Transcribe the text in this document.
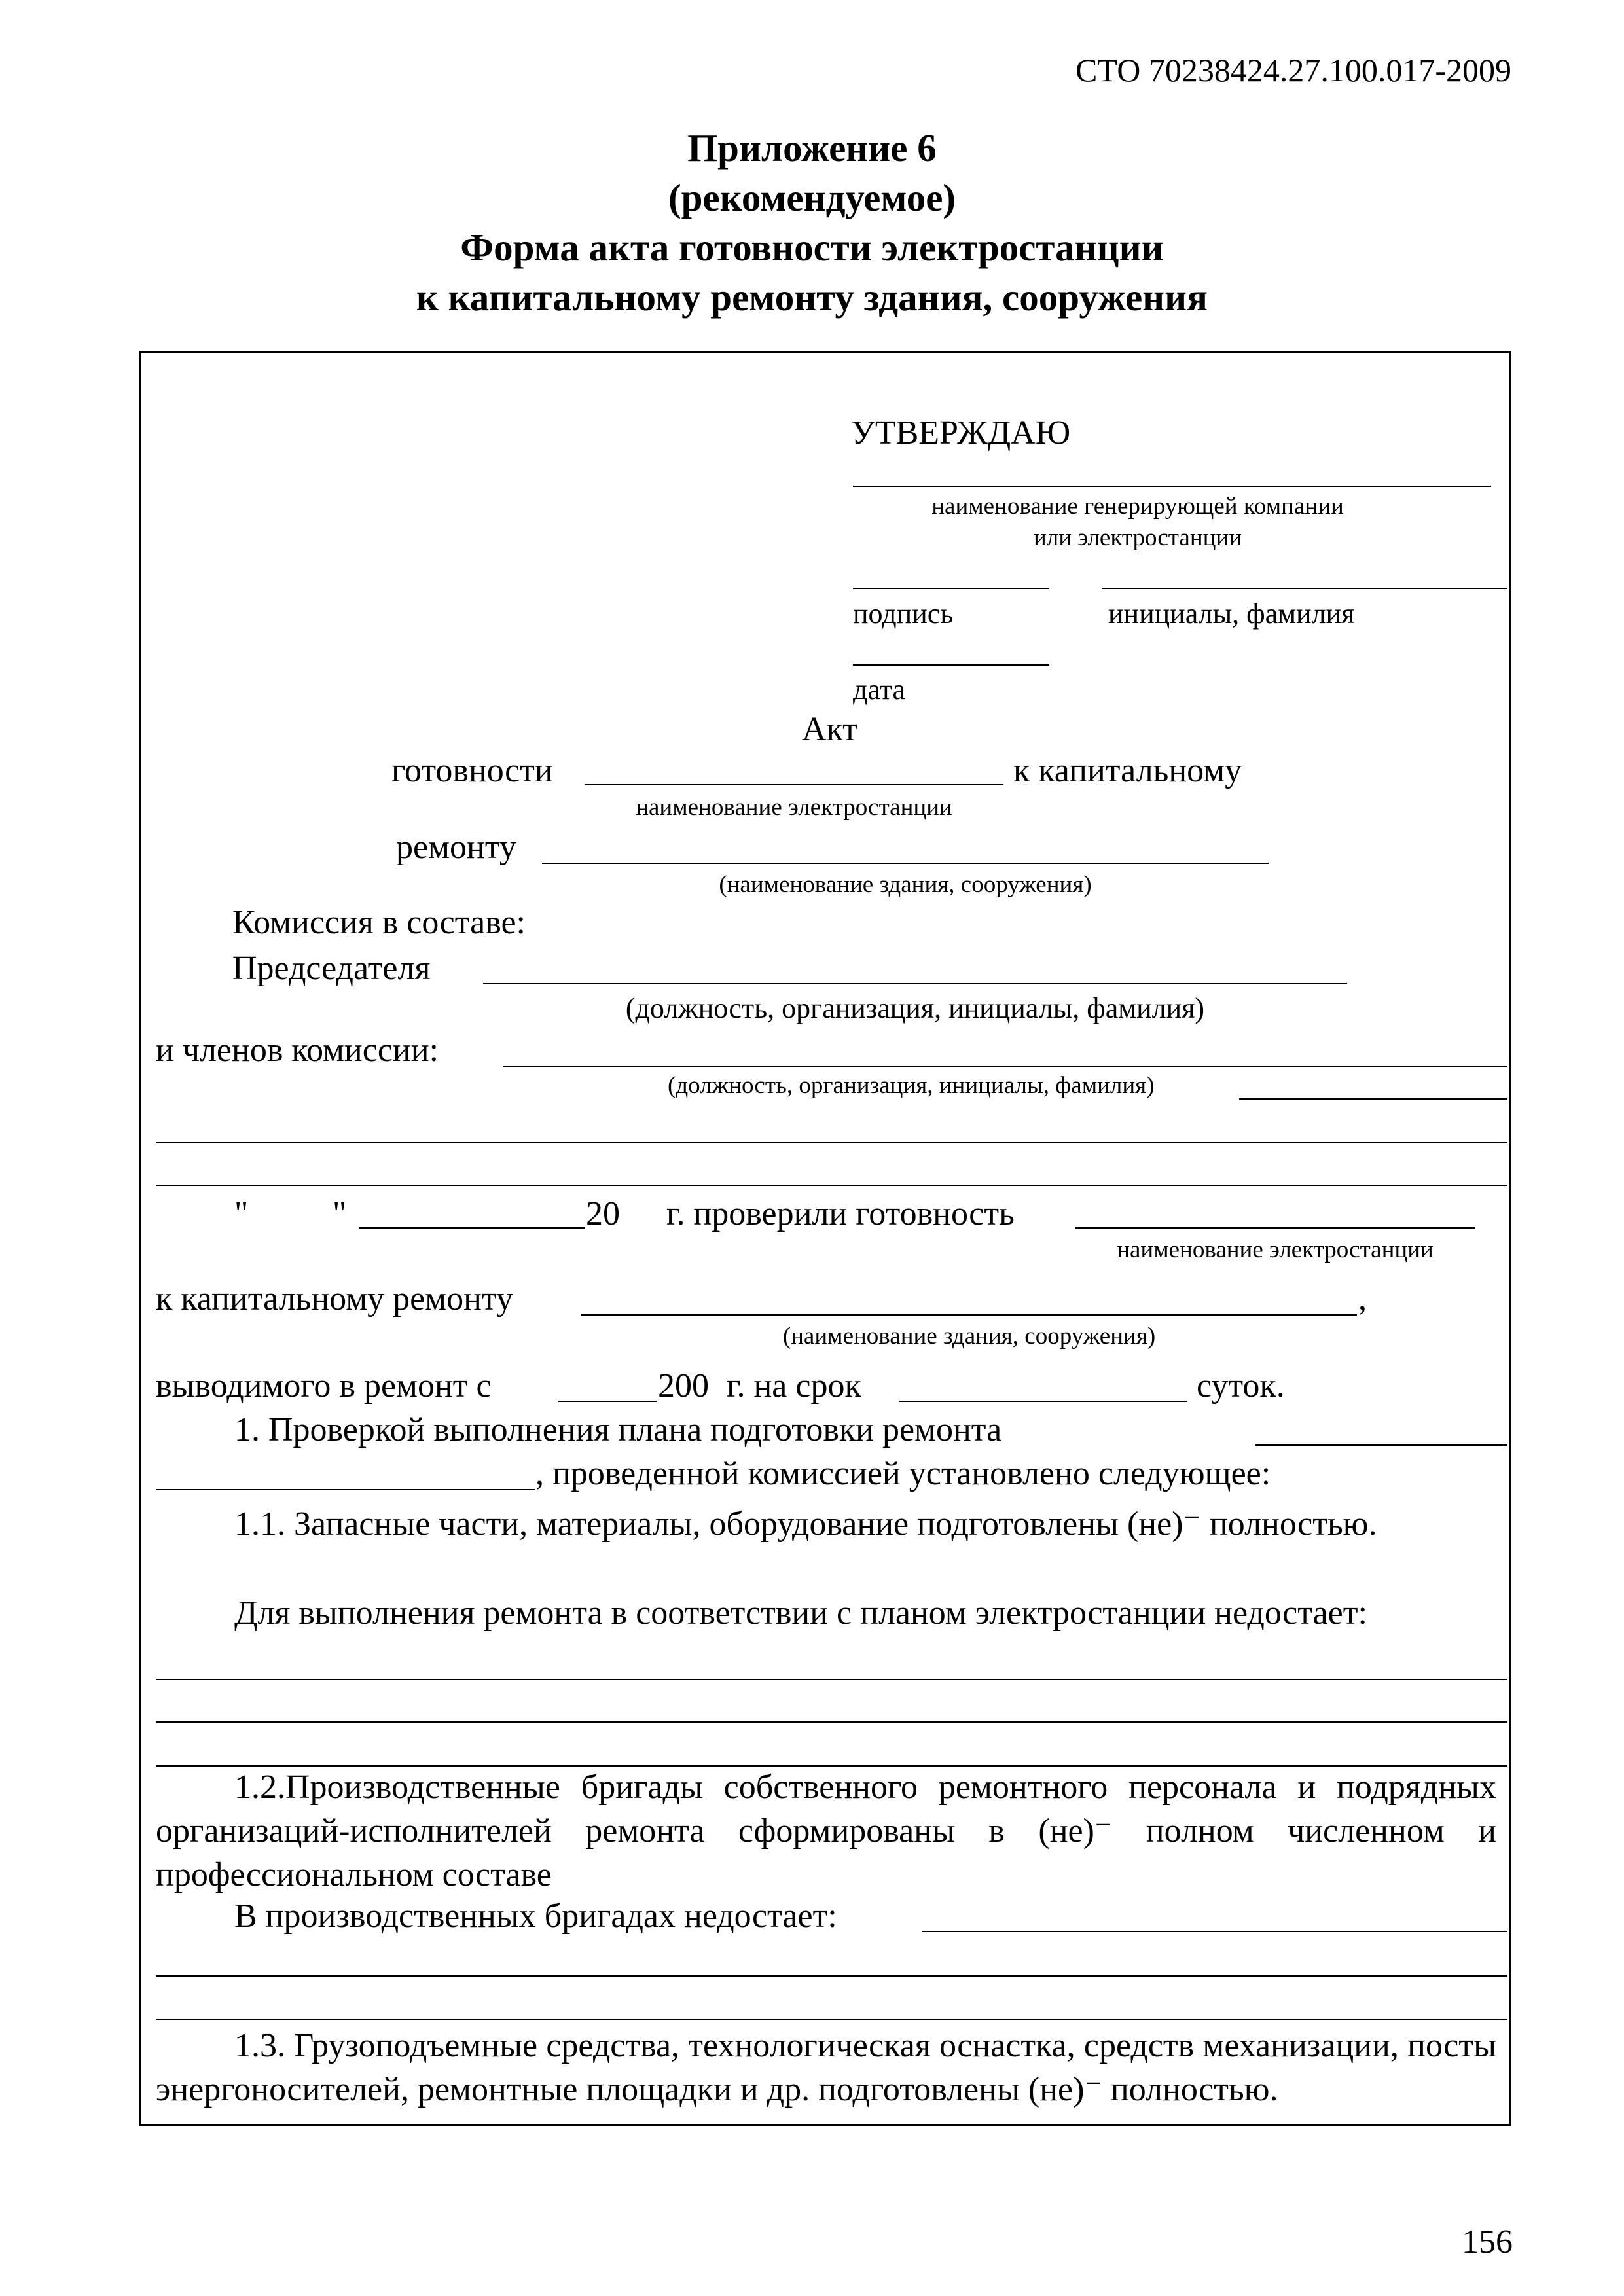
СТО 70238424.27.100.017-2009
Приложение 6
(рекомендуемое)
Форма акта готовности электростанции
к капитальному ремонту здания, сооружения
УТВЕРЖДАЮ
наименование генерирующей компании
или электростанции
подпись	инициалы, фамилия
дата
Акт
готовности	к капитальному
наименование электростанции
ремонту
(наименование здания, сооружения)
Комиссия в составе:
Председателя
(должность, организация, инициалы, фамилия)
и членов комиссии:
(должность, организация, инициалы, фамилия)
" "	20 г. проверили готовность
наименование электростанции
к капитальному ремонту	,
(наименование здания, сооружения)
выводимого в ремонт с	200 г. на срок	суток.
1. Проверкой выполнения плана подготовки ремонта
, проведенной комиссией установлено следующее:
1.1. Запасные части, материалы, оборудование подготовлены (не)⁻ полностью.
Для выполнения ремонта в соответствии с планом электростанции недостает:
1.2.Производственные бригады собственного ремонтного персонала и подрядных организаций-исполнителей ремонта сформированы в (не)⁻ полном численном и профессиональном составе
В производственных бригадах недостает:
1.3. Грузоподъемные средства, технологическая оснастка, средств механизации, посты энергоносителей, ремонтные площадки и др. подготовлены (не)⁻ полностью.
156
